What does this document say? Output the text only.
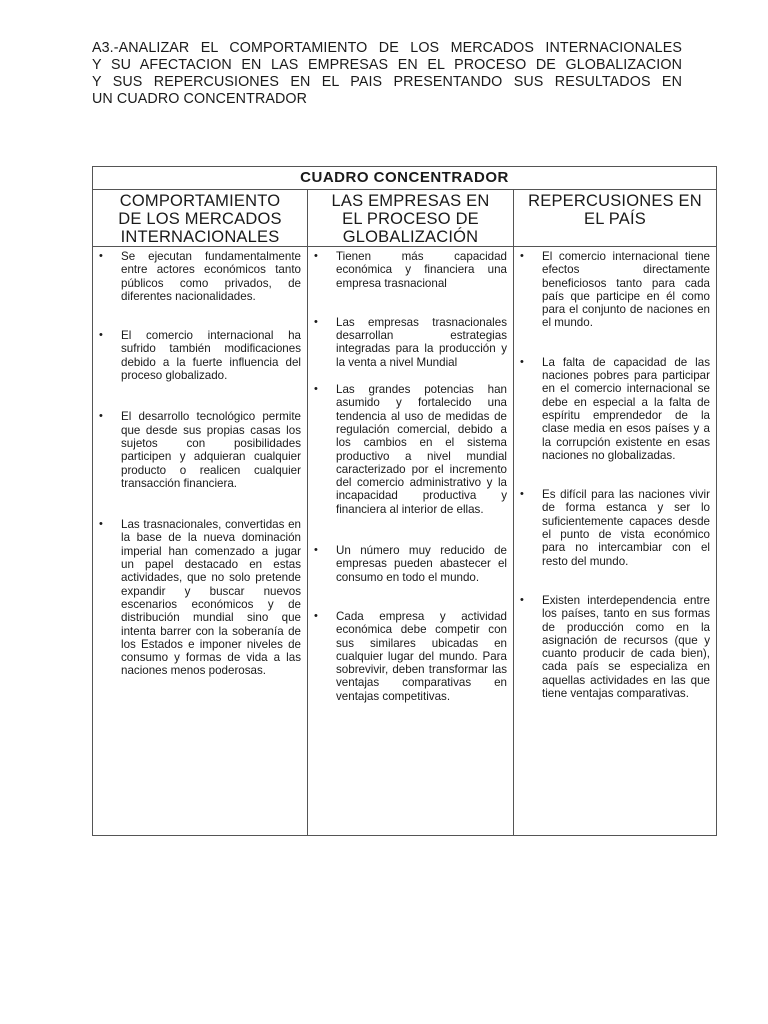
A3.-ANALIZAR EL COMPORTAMIENTO DE LOS MERCADOS INTERNACIONALES
Y SU AFECTACION EN LAS EMPRESAS EN EL PROCESO DE GLOBALIZACION
Y SUS REPERCUSIONES EN EL PAIS PRESENTANDO SUS RESULTADOS EN
UN CUADRO CONCENTRADOR
CUADRO CONCENTRADOR
COMPORTAMIENTO
DE LOS MERCADOS
INTERNACIONALES
• Se ejecutan fundamentalmente entre actores económicos tanto públicos como privados, de diferentes nacionalidades.
• El comercio internacional ha sufrido también modificaciones debido a la fuerte influencia del proceso globalizado.
• El desarrollo tecnológico permite que desde sus propias casas los sujetos con posibilidades participen y adquieran cualquier producto o realicen cualquier transacción financiera.
• Las trasnacionales, convertidas en la base de la nueva dominación imperial han comenzado a jugar un papel destacado en estas actividades, que no solo pretende expandir y buscar nuevos escenarios económicos y de distribución mundial sino que intenta barrer con la soberanía de los Estados e imponer niveles de consumo y formas de vida a las naciones menos poderosas.
LAS EMPRESAS EN
EL PROCESO DE
GLOBALIZACIÓN
• Tienen más capacidad económica y financiera una empresa trasnacional
• Las empresas trasnacionales desarrollan estrategias integradas para la producción y la venta a nivel Mundial
• Las grandes potencias han asumido y fortalecido una tendencia al uso de medidas de regulación comercial, debido a los cambios en el sistema productivo a nivel mundial caracterizado por el incremento del comercio administrativo y la incapacidad productiva y financiera al interior de ellas.
• Un número muy reducido de empresas pueden abastecer el consumo en todo el mundo.
• Cada empresa y actividad económica debe competir con sus similares ubicadas en cualquier lugar del mundo. Para sobrevivir, deben transformar las ventajas comparativas en ventajas competitivas.
REPERCUSIONES EN
EL PAÍS
• El comercio internacional tiene efectos directamente beneficiosos tanto para cada país que participe en él como para el conjunto de naciones en el mundo.
• La falta de capacidad de las naciones pobres para participar en el comercio internacional se debe en especial a la falta de espíritu emprendedor de la clase media en esos países y a la corrupción existente en esas naciones no globalizadas.
• Es difícil para las naciones vivir de forma estanca y ser lo suficientemente capaces desde el punto de vista económico para no intercambiar con el resto del mundo.
• Existen interdependencia entre los países, tanto en sus formas de producción como en la asignación de recursos (que y cuanto producir de cada bien), cada país se especializa en aquellas actividades en las que tiene ventajas comparativas.
